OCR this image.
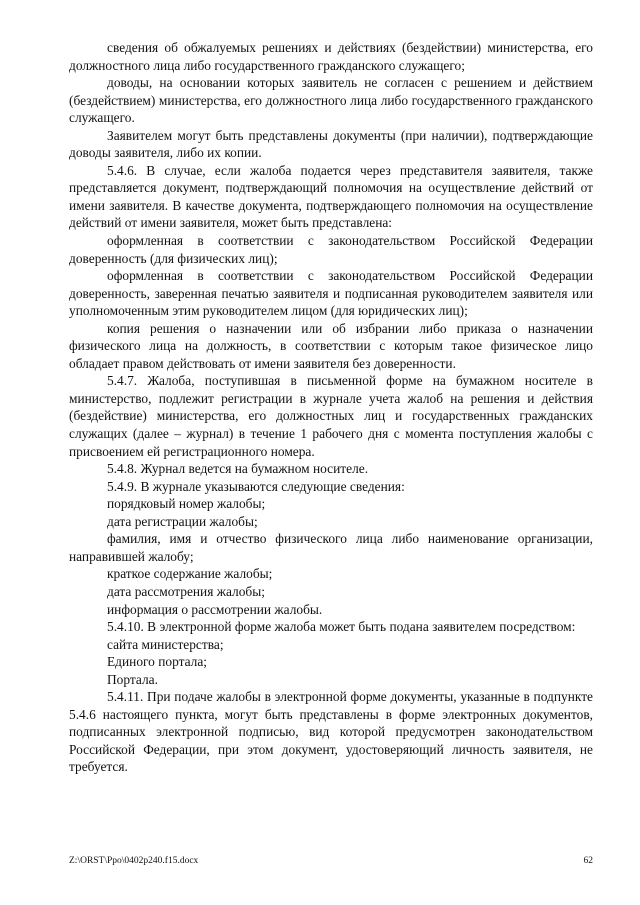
сведения об обжалуемых решениях и действиях (бездействии) министерства, его должностного лица либо государственного гражданского служащего;

доводы, на основании которых заявитель не согласен с решением и действием (бездействием) министерства, его должностного лица либо государственного гражданского служащего.

Заявителем могут быть представлены документы (при наличии), подтверждающие доводы заявителя, либо их копии.

5.4.6. В случае, если жалоба подается через представителя заявителя, также представляется документ, подтверждающий полномочия на осуществление действий от имени заявителя. В качестве документа, подтверждающего полномочия на осуществление действий от имени заявителя, может быть представлена:

оформленная в соответствии с законодательством Российской Федерации доверенность (для физических лиц);

оформленная в соответствии с законодательством Российской Федерации доверенность, заверенная печатью заявителя и подписанная руководителем заявителя или уполномоченным этим руководителем лицом (для юридических лиц);

копия решения о назначении или об избрании либо приказа о назначении физического лица на должность, в соответствии с которым такое физическое лицо обладает правом действовать от имени заявителя без доверенности.

5.4.7. Жалоба, поступившая в письменной форме на бумажном носителе в министерство, подлежит регистрации в журнале учета жалоб на решения и действия (бездействие) министерства, его должностных лиц и государственных гражданских служащих (далее – журнал) в течение 1 рабочего дня с момента поступления жалобы с присвоением ей регистрационного номера.

5.4.8. Журнал ведется на бумажном носителе.

5.4.9. В журнале указываются следующие сведения:

порядковый номер жалобы;

дата регистрации жалобы;

фамилия, имя и отчество физического лица либо наименование организации, направившей жалобу;

краткое содержание жалобы;

дата рассмотрения жалобы;

информация о рассмотрении жалобы.

5.4.10. В электронной форме жалоба может быть подана заявителем посредством:

сайта министерства;

Единого портала;

Портала.

5.4.11. При подаче жалобы в электронной форме документы, указанные в подпункте 5.4.6 настоящего пункта, могут быть представлены в форме электронных документов, подписанных электронной подписью, вид которой предусмотрен законодательством Российской Федерации, при этом документ, удостоверяющий личность заявителя, не требуется.

Z:\ORST\Ppo\0402p240.f15.docx	62
